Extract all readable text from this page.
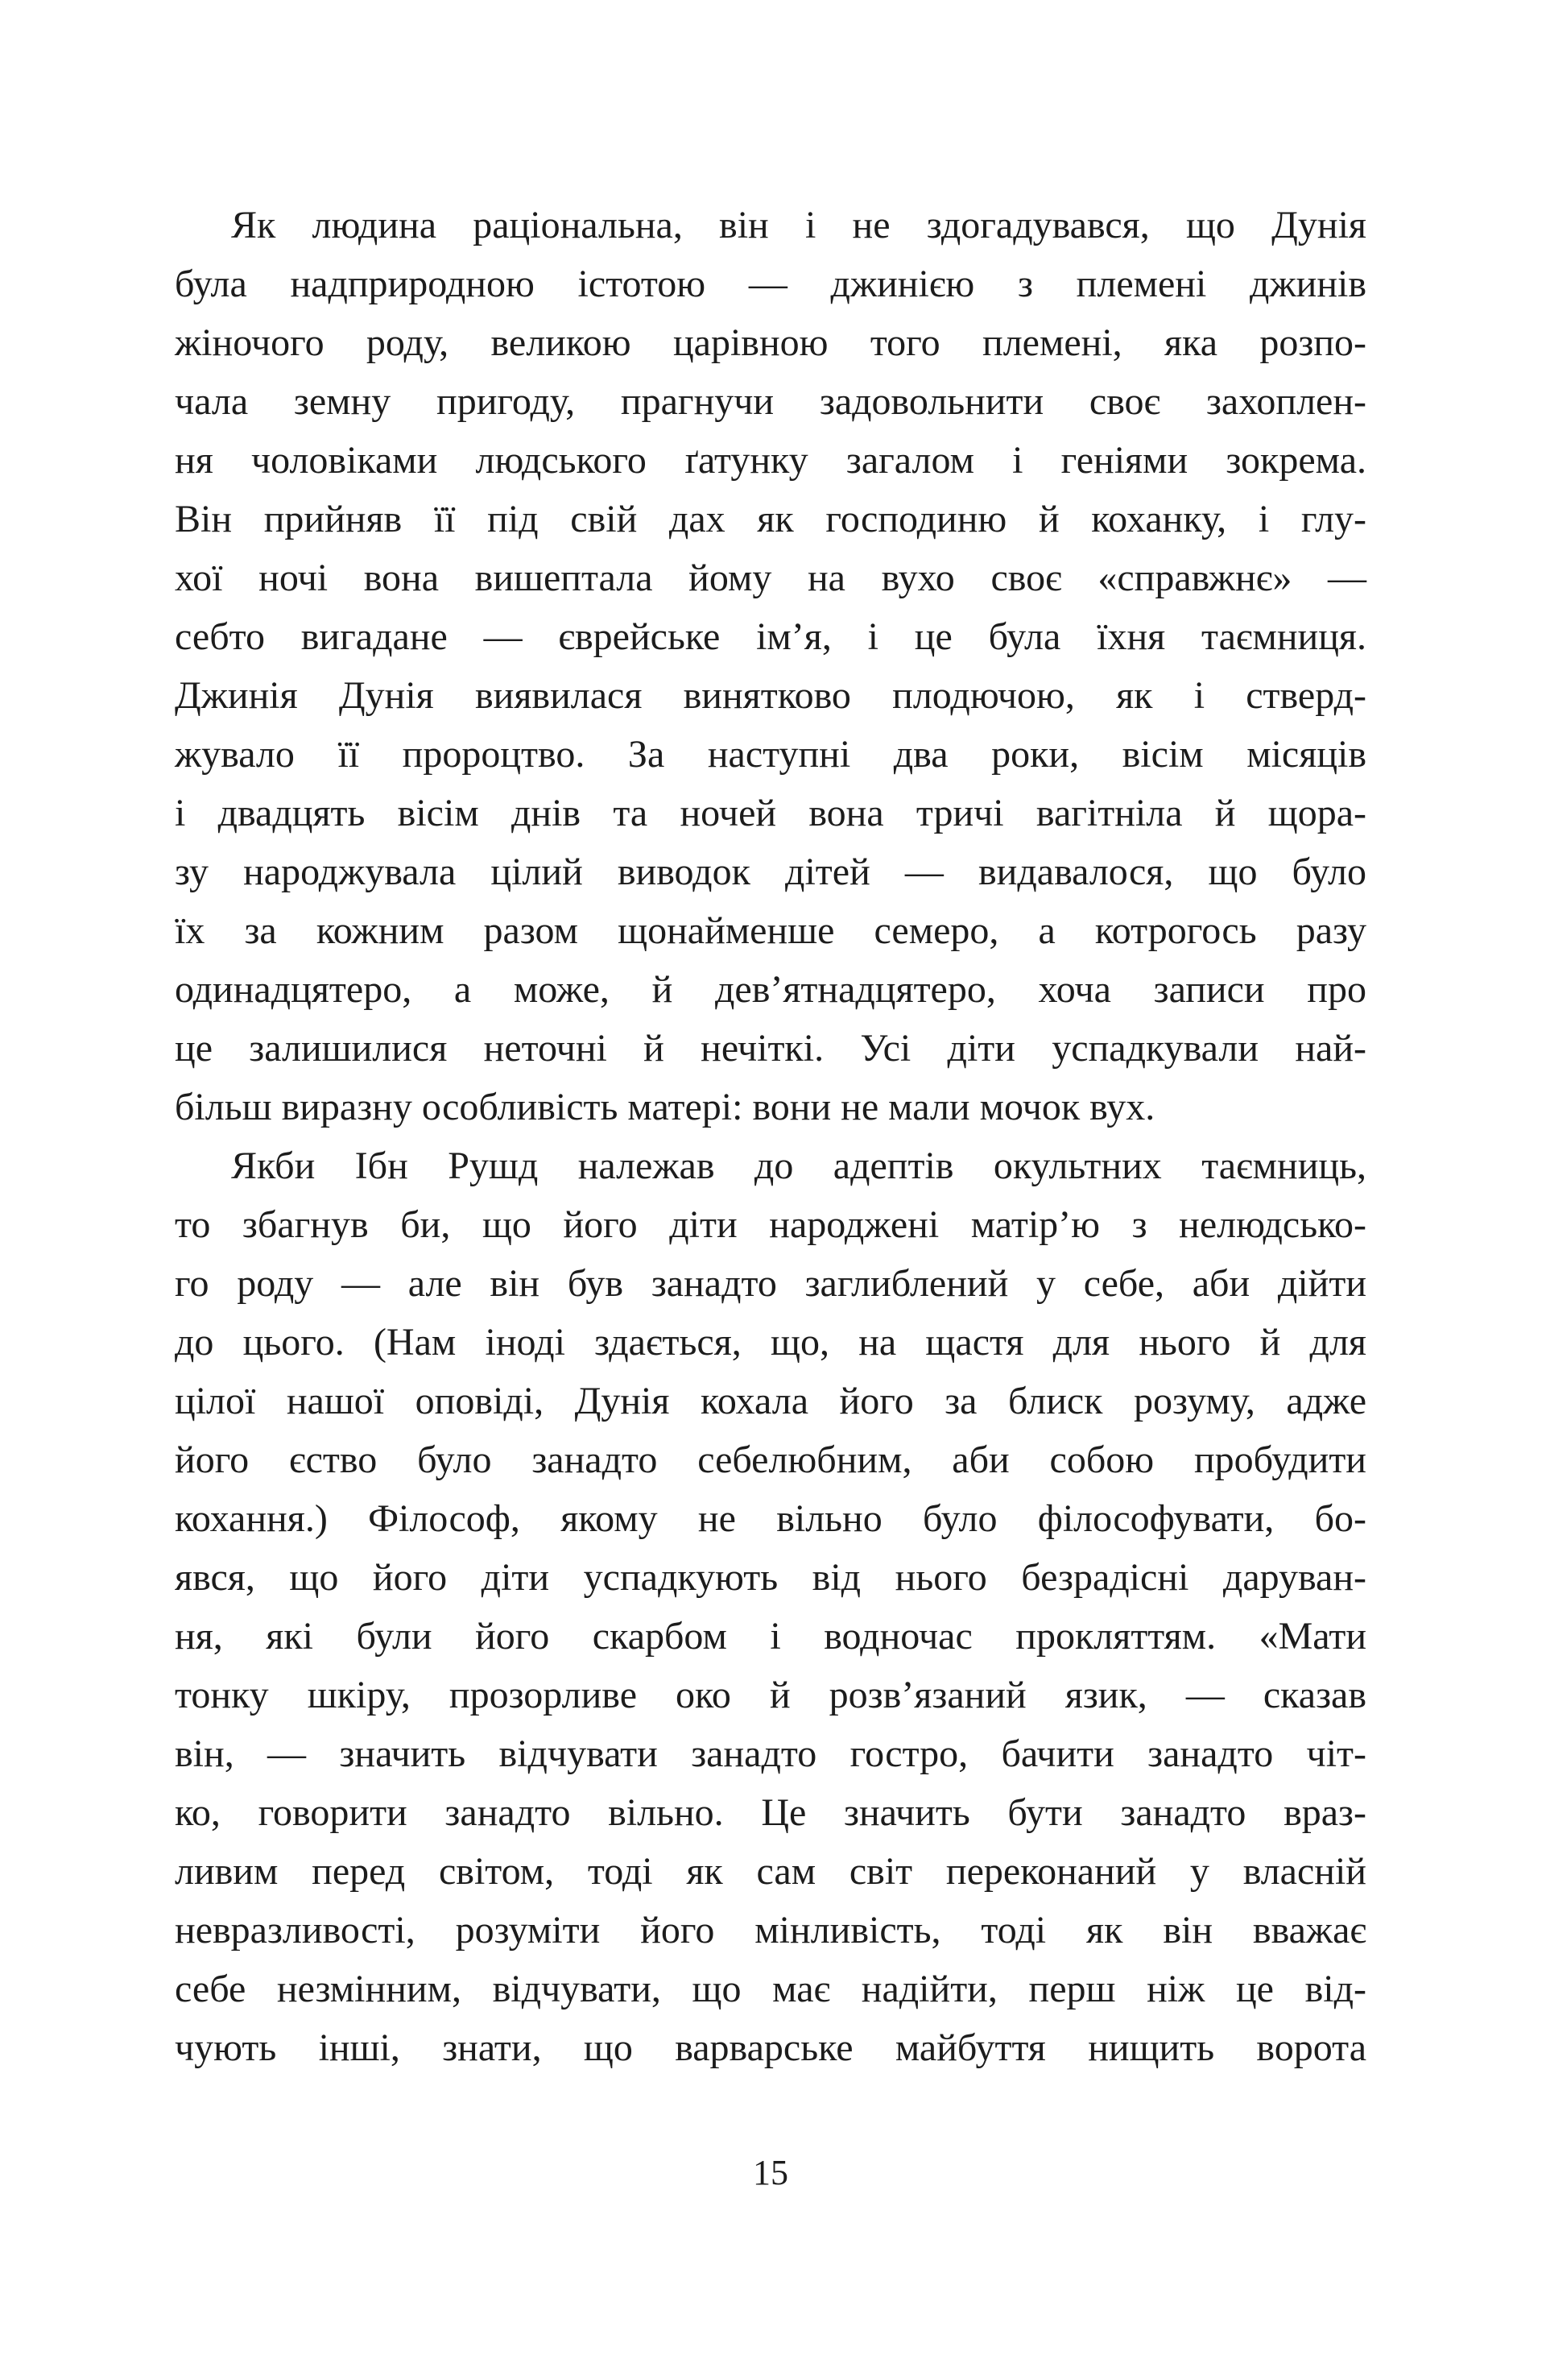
Як людина раціональна, він і не здогадувався, що Дунія
була надприродною істотою — джинією з племені джинів
жіночого роду, великою царівною того племені, яка розпо-
чала земну пригоду, прагнучи задовольнити своє захоплен-
ня чоловіками людського ґатунку загалом і геніями зокрема.
Він прийняв її під свій дах як господиню й коханку, і глу-
хої ночі вона вишептала йому на вухо своє «справжнє» —
себто вигадане — єврейське ім’я, і це була їхня таємниця.
Джинія Дунія виявилася винятково плодючою, як і стверд-
жувало її пророцтво. За наступні два роки, вісім місяців
і двадцять вісім днів та ночей вона тричі вагітніла й щора-
зу народжувала цілий виводок дітей — видавалося, що було
їх за кожним разом щонайменше семеро, а котрогось разу
одинадцятеро, а може, й дев’ятнадцятеро, хоча записи про
це залишилися неточні й нечіткі. Усі діти успадкували най-
більш виразну особливість матері: вони не мали мочок вух.
Якби Ібн Рушд належав до адептів окультних таємниць,
то збагнув би, що його діти народжені матір’ю з нелюдсько-
го роду — але він був занадто заглиблений у себе, аби дійти
до цього. (Нам іноді здається, що, на щастя для нього й для
цілої нашої оповіді, Дунія кохала його за блиск розуму, адже
його єство було занадто себелюбним, аби собою пробудити
кохання.) Філософ, якому не вільно було філософувати, бо-
явся, що його діти успадкують від нього безрадісні даруван-
ня, які були його скарбом і водночас прокляттям. «Мати
тонку шкіру, прозорливе око й розв’язаний язик, — сказав
він, — значить відчувати занадто гостро, бачити занадто чіт-
ко, говорити занадто вільно. Це значить бути занадто враз-
ливим перед світом, тоді як сам світ переконаний у власній
невразливості, розуміти його мінливість, тоді як він вважає
себе незмінним, відчувати, що має надійти, перш ніж це від-
чують інші, знати, що варварське майбуття нищить ворота
15
